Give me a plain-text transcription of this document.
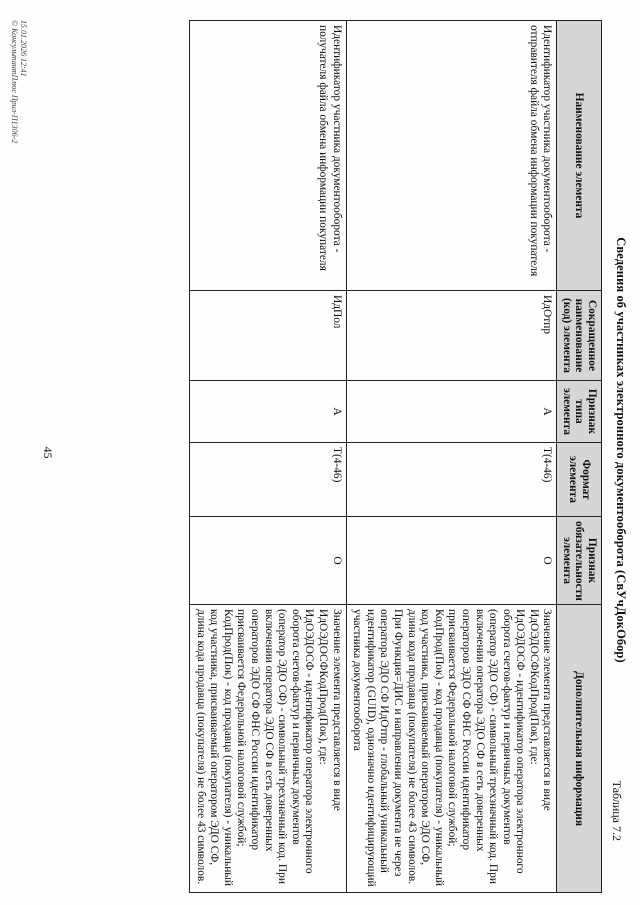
Таблица 7.2
Сведения об участниках электронного документооборота (СвУчДокОбор)
Наименование элемента	Сокращенное наименование (код) элемента	Признак типа элемента	Формат элемента	Признак обязательности элемента	Дополнительная информация
Идентификатор участника документооборота - отправителя файла обмена информации покупателя	ИдОтпр	А	Т(4-46)	О	Значение элемента представляется в виде ИдОЭДОСФКодПрод(Пок), где:
ИдОЭДОСФ - идентификатор оператора электронного оборота счетов-фактур и первичных документов (оператор ЭДО СФ) - символьный трехзначный код. При включении оператора ЭДО СФ в сеть доверенных операторов ЭДО СФ ФНС России идентификатор присваивается Федеральной налоговой службой;
КодПрод(Пок) - код продавца (покупателя) - уникальный код участника, присваиваемый оператором ЭДО СФ, длина кода продавца (покупателя) не более 43 символов.
При Функция=ДИС и направлении документа не через оператора ЭДО СФ ИдОтпр - глобальный уникальный идентификатор (GUID), однозначно идентифицирующий участника документооборота
Идентификатор участника документооборота - получателя файла обмена информации покупателя	ИдПол	А	Т(4-46)	О	Значение элемента представляется в виде ИдОЭДОСФКодПрод(Пок), где:
ИдОЭДОСФ - идентификатор оператора электронного оборота счетов-фактур и первичных документов (оператор ЭДО СФ) - символьный трехзначный код. При включении оператора ЭДО СФ в сеть доверенных операторов ЭДО СФ ФНС России идентификатор присваивается Федеральной налоговой службой;
КодПрод(Пок) - код продавца (покупателя) - уникальный код участника, присваиваемый оператором ЭДО СФ, длина кода продавца (покупателя) не более 43 символов.
45
15.01.2026 12:41
© КонсультантПлюс Прил-П1306-2
